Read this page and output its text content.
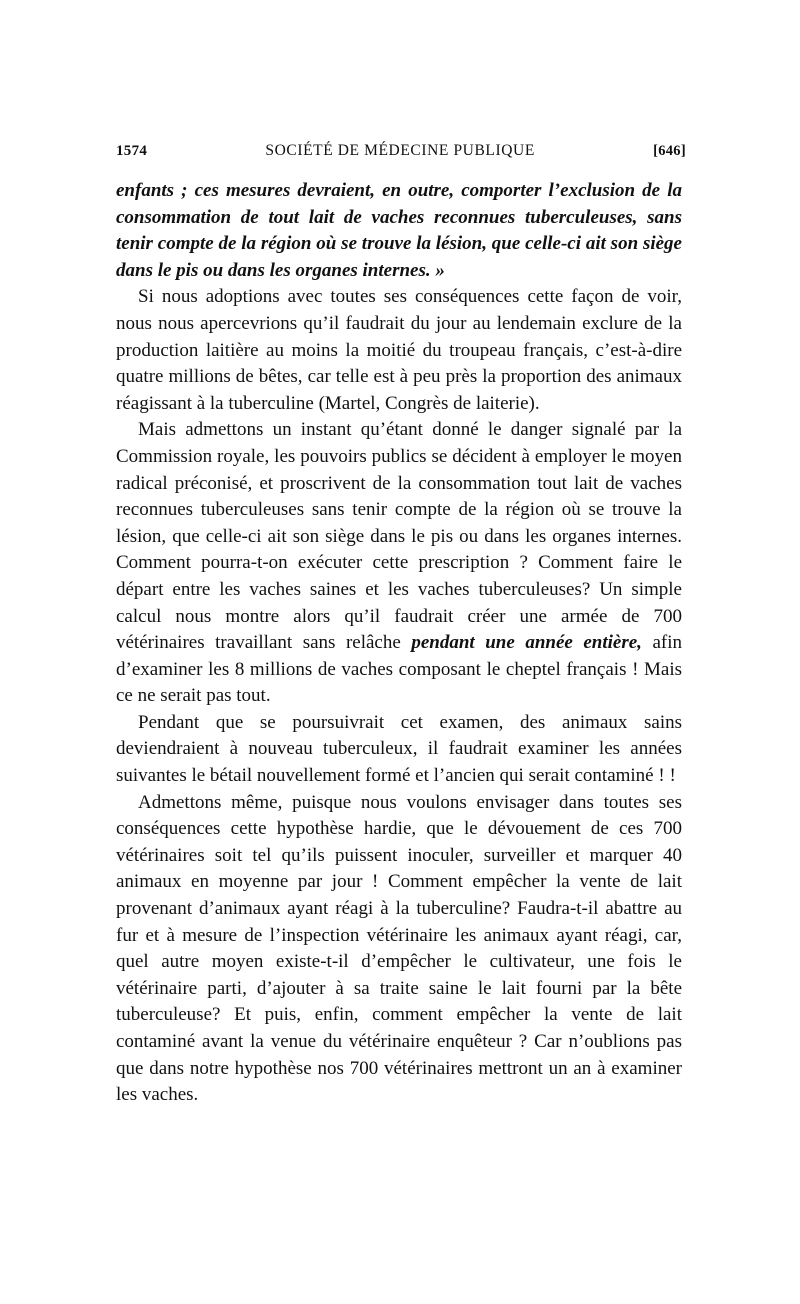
1574	SOCIÉTÉ DE MÉDECINE PUBLIQUE	[646]

enfants ; ces mesures devraient, en outre, comporter l’exclusion de la consommation de tout lait de vaches reconnues tuberculeuses, sans tenir compte de la région où se trouve la lésion, que celle-ci ait son siège dans le pis ou dans les organes internes. »

Si nous adoptions avec toutes ses conséquences cette façon de voir, nous nous apercevrions qu’il faudrait du jour au lendemain exclure de la production laitière au moins la moitié du troupeau français, c’est-à-dire quatre millions de bêtes, car telle est à peu près la proportion des animaux réagissant à la tuberculine (Martel, Congrès de laiterie).

Mais admettons un instant qu’étant donné le danger signalé par la Commission royale, les pouvoirs publics se décident à employer le moyen radical préconisé, et proscrivent de la consommation tout lait de vaches reconnues tuberculeuses sans tenir compte de la région où se trouve la lésion, que celle-ci ait son siège dans le pis ou dans les organes internes. Comment pourra-t-on exécuter cette prescription ? Comment faire le départ entre les vaches saines et les vaches tuberculeuses? Un simple calcul nous montre alors qu’il faudrait créer une armée de 700 vétérinaires travaillant sans relâche pendant une année entière, afin d’examiner les 8 millions de vaches composant le cheptel français ! Mais ce ne serait pas tout.

Pendant que se poursuivrait cet examen, des animaux sains deviendraient à nouveau tuberculeux, il faudrait examiner les années suivantes le bétail nouvellement formé et l’ancien qui serait contaminé ! !

Admettons même, puisque nous voulons envisager dans toutes ses conséquences cette hypothèse hardie, que le dévouement de ces 700 vétérinaires soit tel qu’ils puissent inoculer, surveiller et marquer 40 animaux en moyenne par jour ! Comment empêcher la vente de lait provenant d’animaux ayant réagi à la tuberculine? Faudra-t-il abattre au fur et à mesure de l’inspection vétérinaire les animaux ayant réagi, car, quel autre moyen existe-t-il d’empêcher le cultivateur, une fois le vétérinaire parti, d’ajouter à sa traite saine le lait fourni par la bête tuberculeuse? Et puis, enfin, comment empêcher la vente de lait contaminé avant la venue du vétérinaire enquêteur ? Car n’oublions pas que dans notre hypothèse nos 700 vétérinaires mettront un an à examiner les vaches.
